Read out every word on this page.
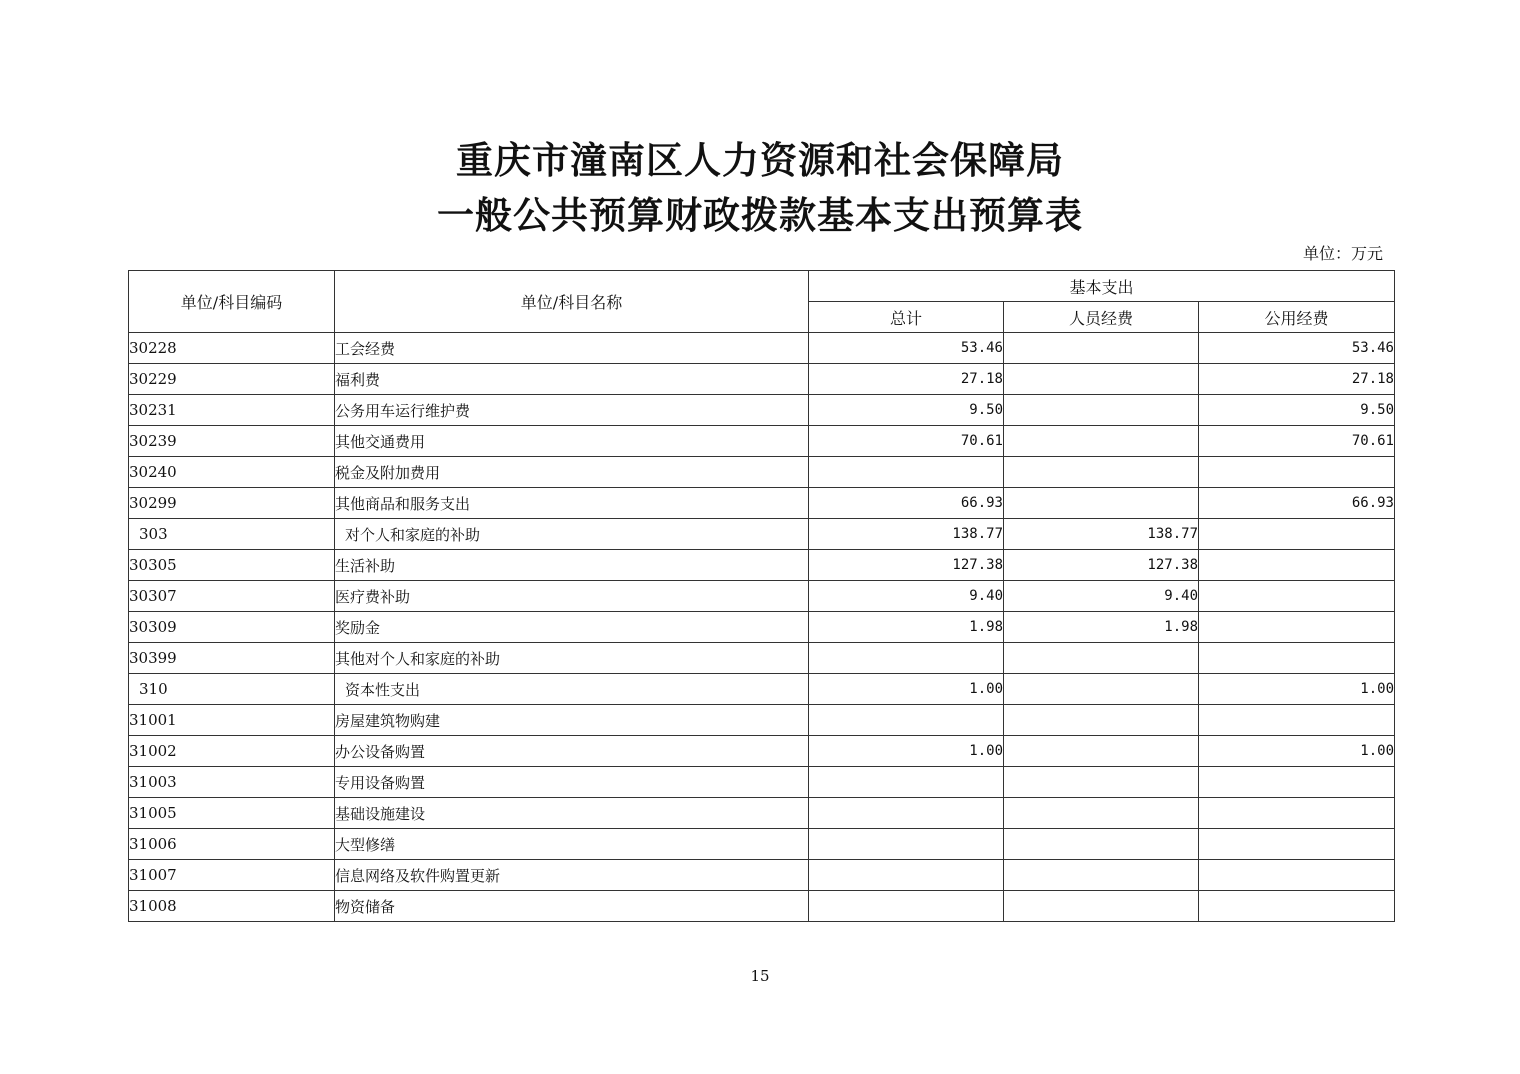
重庆市潼南区人力资源和社会保障局
一般公共预算财政拨款基本支出预算表
单位：万元
单位/科目编码	单位/科目名称	基本支出		
		总计	人员经费	公用经费
30228	工会经费	53.46		53.46
30229	福利费	27.18		27.18
30231	公务用车运行维护费	9.50		9.50
30239	其他交通费用	70.61		70.61
30240	税金及附加费用			
30299	其他商品和服务支出	66.93		66.93
303	对个人和家庭的补助	138.77	138.77	
30305	生活补助	127.38	127.38	
30307	医疗费补助	9.40	9.40	
30309	奖励金	1.98	1.98	
30399	其他对个人和家庭的补助			
310	资本性支出	1.00		1.00
31001	房屋建筑物购建			
31002	办公设备购置	1.00		1.00
31003	专用设备购置			
31005	基础设施建设			
31006	大型修缮			
31007	信息网络及软件购置更新			
31008	物资储备			
15
